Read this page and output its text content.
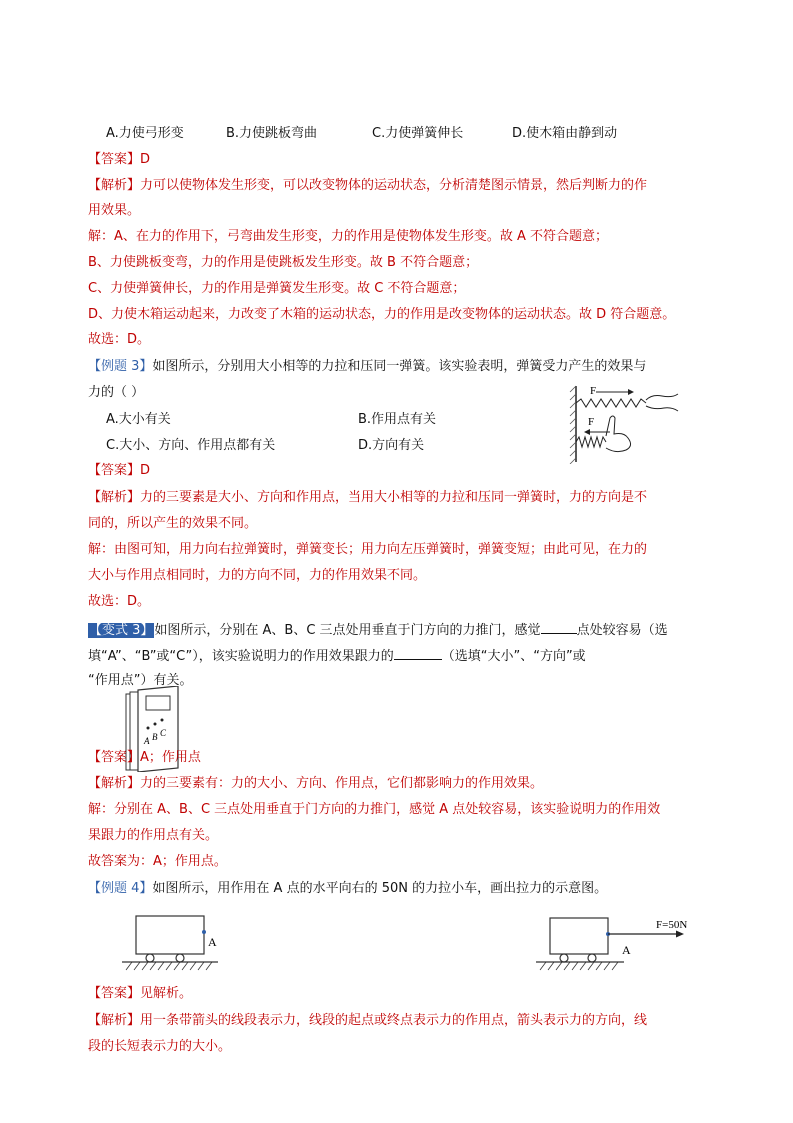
A.力使弓形变	B.力使跳板弯曲	C.力使弹簧伸长	D.使木箱由静到动
【答案】D
【解析】力可以使物体发生形变，可以改变物体的运动状态，分析清楚图示情景，然后判断力的作
用效果。
解：A、在力的作用下，弓弯曲发生形变，力的作用是使物体发生形变。故 A 不符合题意；
B、力使跳板变弯，力的作用是使跳板发生形变。故 B 不符合题意；
C、力使弹簧伸长，力的作用是弹簧发生形变。故 C 不符合题意；
D、力使木箱运动起来，力改变了木箱的运动状态，力的作用是改变物体的运动状态。故 D 符合题意。
故选：D。
【例题 3】如图所示，分别用大小相等的力拉和压同一弹簧。该实验表明，弹簧受力产生的效果与
力的（ ）
A.大小有关	B.作用点有关
C.大小、方向、作用点都有关	D.方向有关
F
F
【答案】D
【解析】力的三要素是大小、方向和作用点，当用大小相等的力拉和压同一弹簧时，力的方向是不
同的，所以产生的效果不同。
解：由图可知，用力向右拉弹簧时，弹簧变长；用力向左压弹簧时，弹簧变短；由此可见，在力的
大小与作用点相同时，力的方向不同，力的作用效果不同。
故选：D。
【变式 3】如图所示，分别在 A、B、C 三点处用垂直于门方向的力推门，感觉	点处较容易（选
填“A”、“B”或“C”），该实验说明力的作用效果跟力的	（选填“大小”、“方向”或
“作用点”）有关。
A B C
【答案】A；作用点
【解析】力的三要素有：力的大小、方向、作用点，它们都影响力的作用效果。
解：分别在 A、B、C 三点处用垂直于门方向的力推门，感觉 A 点处较容易，该实验说明力的作用效
果跟力的作用点有关。
故答案为：A；作用点。
【例题 4】如图所示，用作用在 A 点的水平向右的 50N 的力拉小车，画出拉力的示意图。
A
F=50N
A
【答案】见解析。
【解析】用一条带箭头的线段表示力，线段的起点或终点表示力的作用点，箭头表示力的方向，线
段的长短表示力的大小。
